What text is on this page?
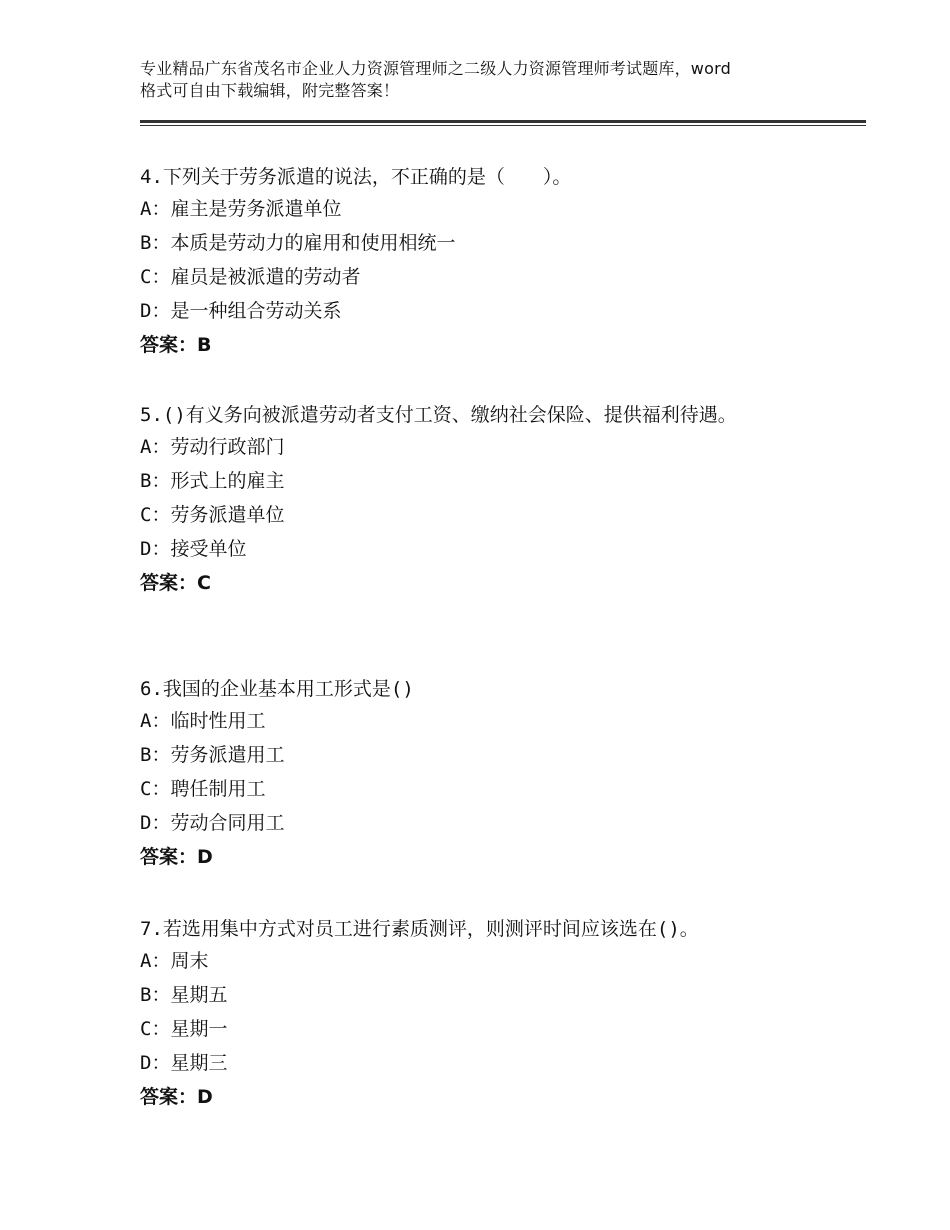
专业精品广东省茂名市企业人力资源管理师之二级人力资源管理师考试题库，word
格式可自由下载编辑，附完整答案！
4.下列关于劳务派遣的说法，不正确的是（　　）。
A：雇主是劳务派遣单位
B：本质是劳动力的雇用和使用相统一
C：雇员是被派遣的劳动者
D：是一种组合劳动关系
答案：B
5.()有义务向被派遣劳动者支付工资、缴纳社会保险、提供福利待遇。
A：劳动行政部门
B：形式上的雇主
C：劳务派遣单位
D：接受单位
答案：C
6.我国的企业基本用工形式是()
A：临时性用工
B：劳务派遣用工
C：聘任制用工
D：劳动合同用工
答案：D
7.若选用集中方式对员工进行素质测评，则测评时间应该选在()。
A：周末
B：星期五
C：星期一
D：星期三
答案：D
